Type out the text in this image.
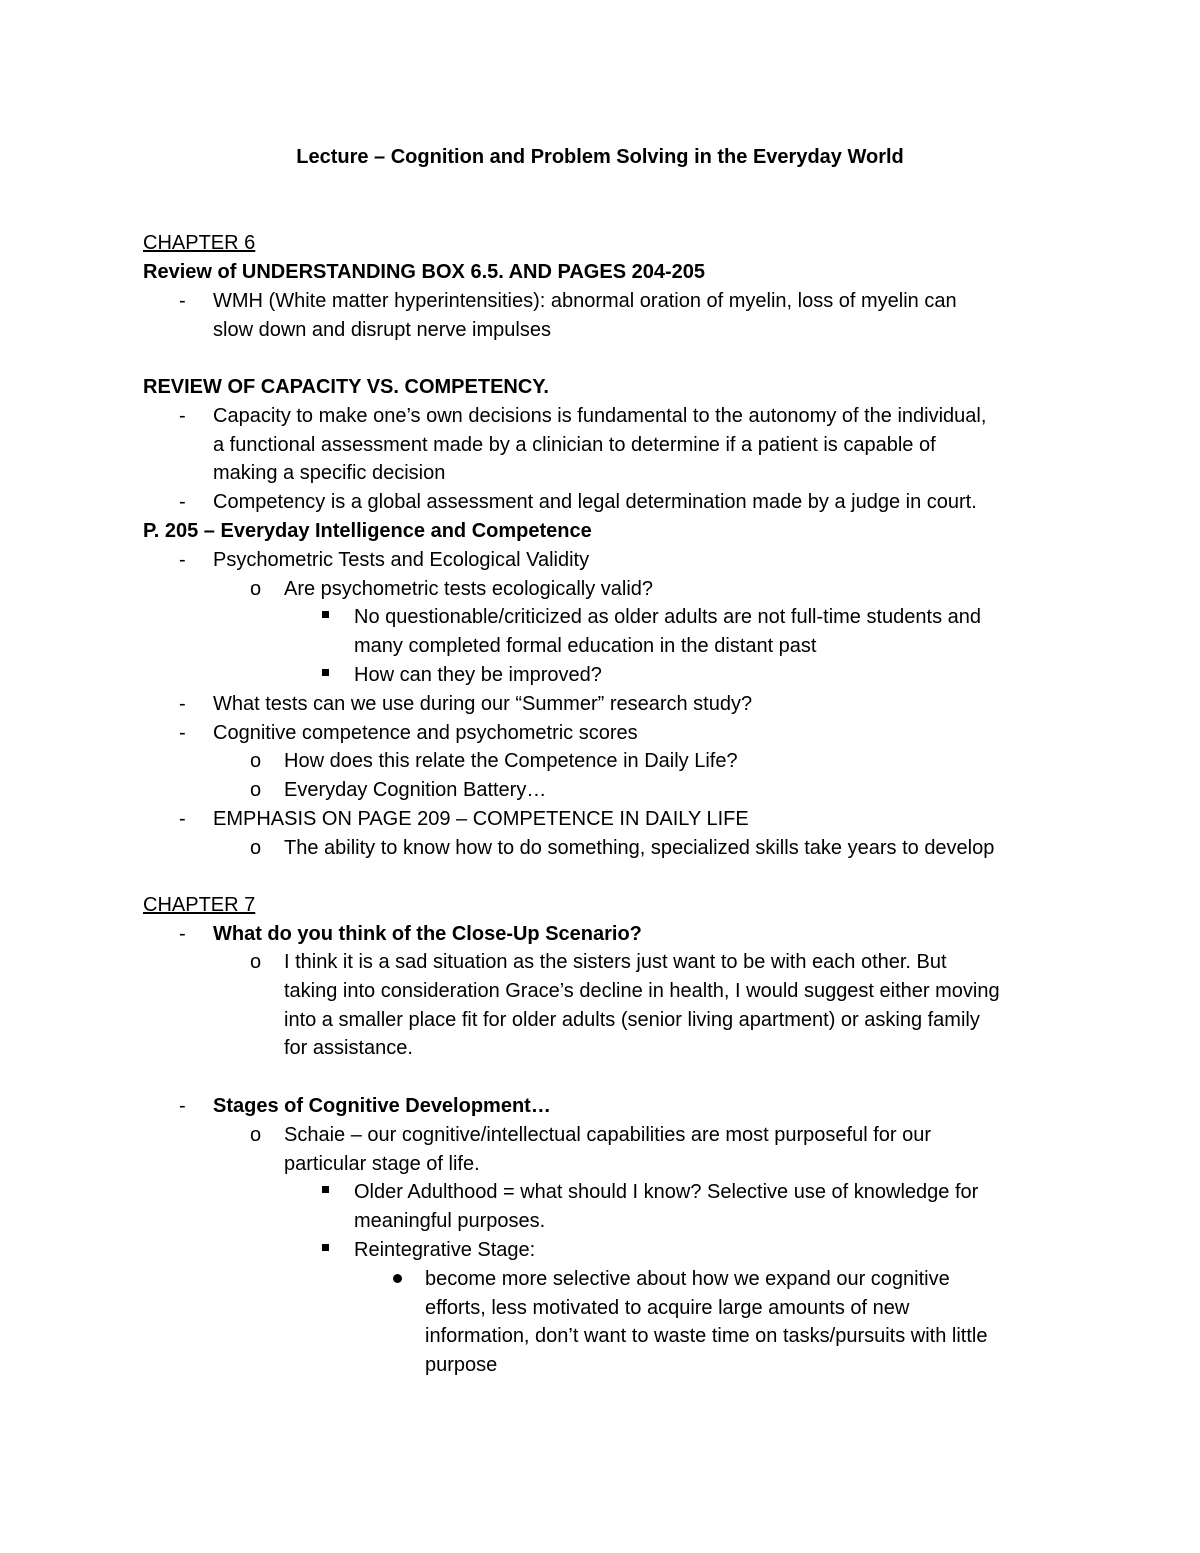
Lecture – Cognition and Problem Solving in the Everyday World
CHAPTER 6
Review of UNDERSTANDING BOX 6.5. AND PAGES 204-205
- WMH (White matter hyperintensities): abnormal oration of myelin, loss of myelin can
slow down and disrupt nerve impulses
REVIEW OF CAPACITY VS. COMPETENCY.
- Capacity to make one’s own decisions is fundamental to the autonomy of the individual,
a functional assessment made by a clinician to determine if a patient is capable of
making a specific decision
- Competency is a global assessment and legal determination made by a judge in court.
P. 205 – Everyday Intelligence and Competence
- Psychometric Tests and Ecological Validity
o Are psychometric tests ecologically valid?
No questionable/criticized as older adults are not full-time students and
many completed formal education in the distant past
How can they be improved?
- What tests can we use during our “Summer” research study?
- Cognitive competence and psychometric scores
o How does this relate the Competence in Daily Life?
o Everyday Cognition Battery…
- EMPHASIS ON PAGE 209 – COMPETENCE IN DAILY LIFE
o The ability to know how to do something, specialized skills take years to develop
CHAPTER 7
- What do you think of the Close-Up Scenario?
o I think it is a sad situation as the sisters just want to be with each other. But
taking into consideration Grace’s decline in health, I would suggest either moving
into a smaller place fit for older adults (senior living apartment) or asking family
for assistance.
- Stages of Cognitive Development…
o Schaie – our cognitive/intellectual capabilities are most purposeful for our
particular stage of life.
Older Adulthood = what should I know? Selective use of knowledge for
meaningful purposes.
Reintegrative Stage:
become more selective about how we expand our cognitive
efforts, less motivated to acquire large amounts of new
information, don’t want to waste time on tasks/pursuits with little
purpose
